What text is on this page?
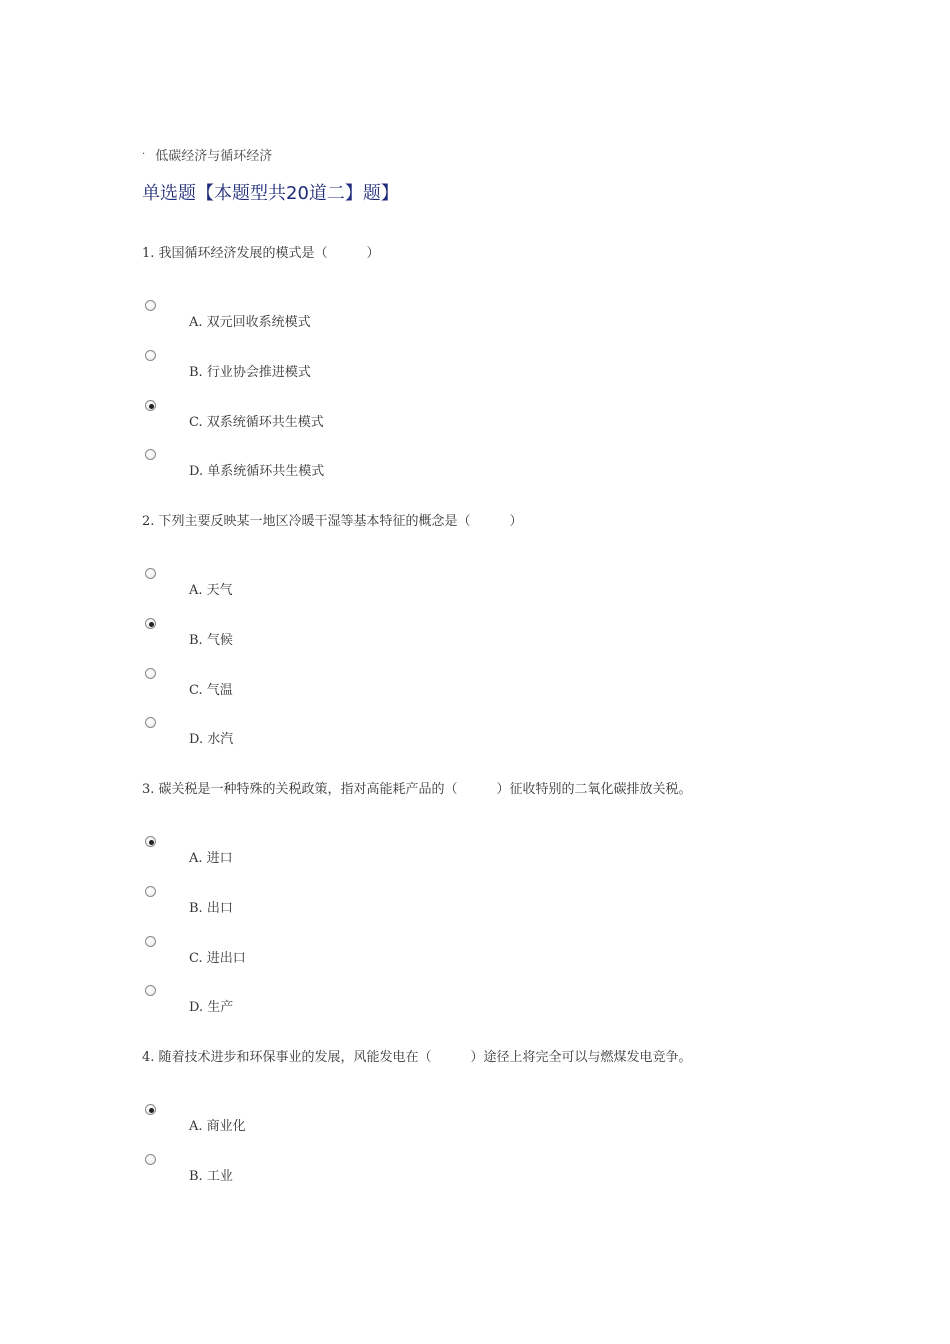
· 低碳经济与循环经济
单选题【本题型共20道二】题】
1. 我国循环经济发展的模式是（　　　）
A. 双元回收系统模式
B. 行业协会推进模式
C. 双系统循环共生模式
D. 单系统循环共生模式
2. 下列主要反映某一地区冷暖干湿等基本特征的概念是（　　　）
A. 天气
B. 气候
C. 气温
D. 水汽
3. 碳关税是一种特殊的关税政策，指对高能耗产品的（　　　）征收特别的二氧化碳排放关税。
A. 进口
B. 出口
C. 进出口
D. 生产
4. 随着技术进步和环保事业的发展，风能发电在（　　　）途径上将完全可以与燃煤发电竞争。
A. 商业化
B. 工业
